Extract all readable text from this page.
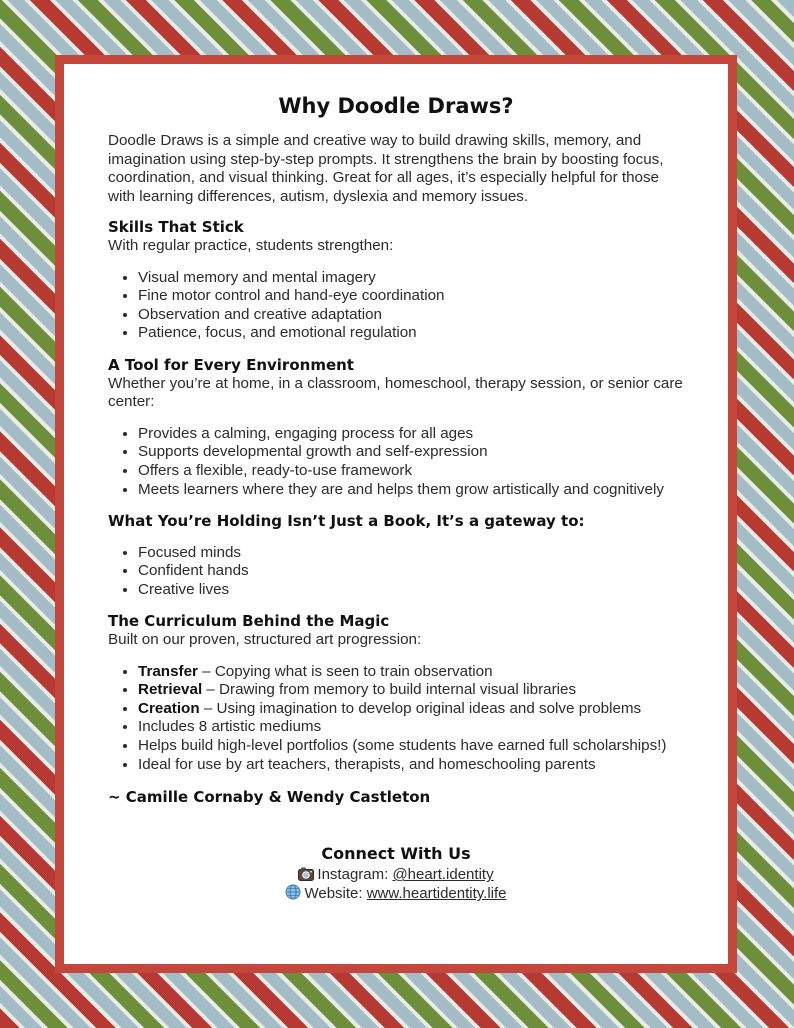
Why Doodle Draws?

Doodle Draws is a simple and creative way to build drawing skills, memory, and imagination using step-by-step prompts. It strengthens the brain by boosting focus, coordination, and visual thinking. Great for all ages, it’s especially helpful for those with learning differences, autism, dyslexia and memory issues.

Skills That Stick

With regular practice, students strengthen:

• Visual memory and mental imagery
• Fine motor control and hand-eye coordination
• Observation and creative adaptation
• Patience, focus, and emotional regulation
A Tool for Every Environment

Whether you’re at home, in a classroom, homeschool, therapy session, or senior care center:

• Provides a calming, engaging process for all ages
• Supports developmental growth and self-expression
• Offers a flexible, ready-to-use framework
• Meets learners where they are and helps them grow artistically and cognitively
What You’re Holding Isn’t Just a Book, It’s a gateway to:
• Focused minds
• Confident hands
• Creative lives
The Curriculum Behind the Magic

Built on our proven, structured art progression:

• Transfer – Copying what is seen to train observation
• Retrieval – Drawing from memory to build internal visual libraries
• Creation – Using imagination to develop original ideas and solve problems
• Includes 8 artistic mediums
• Helps build high-level portfolios (some students have earned full scholarships!)
• Ideal for use by art teachers, therapists, and homeschooling parents
~ Camille Cornaby & Wendy Castleton
Connect With Us
Instagram: @heart.identity
Website: www.heartidentity.life
